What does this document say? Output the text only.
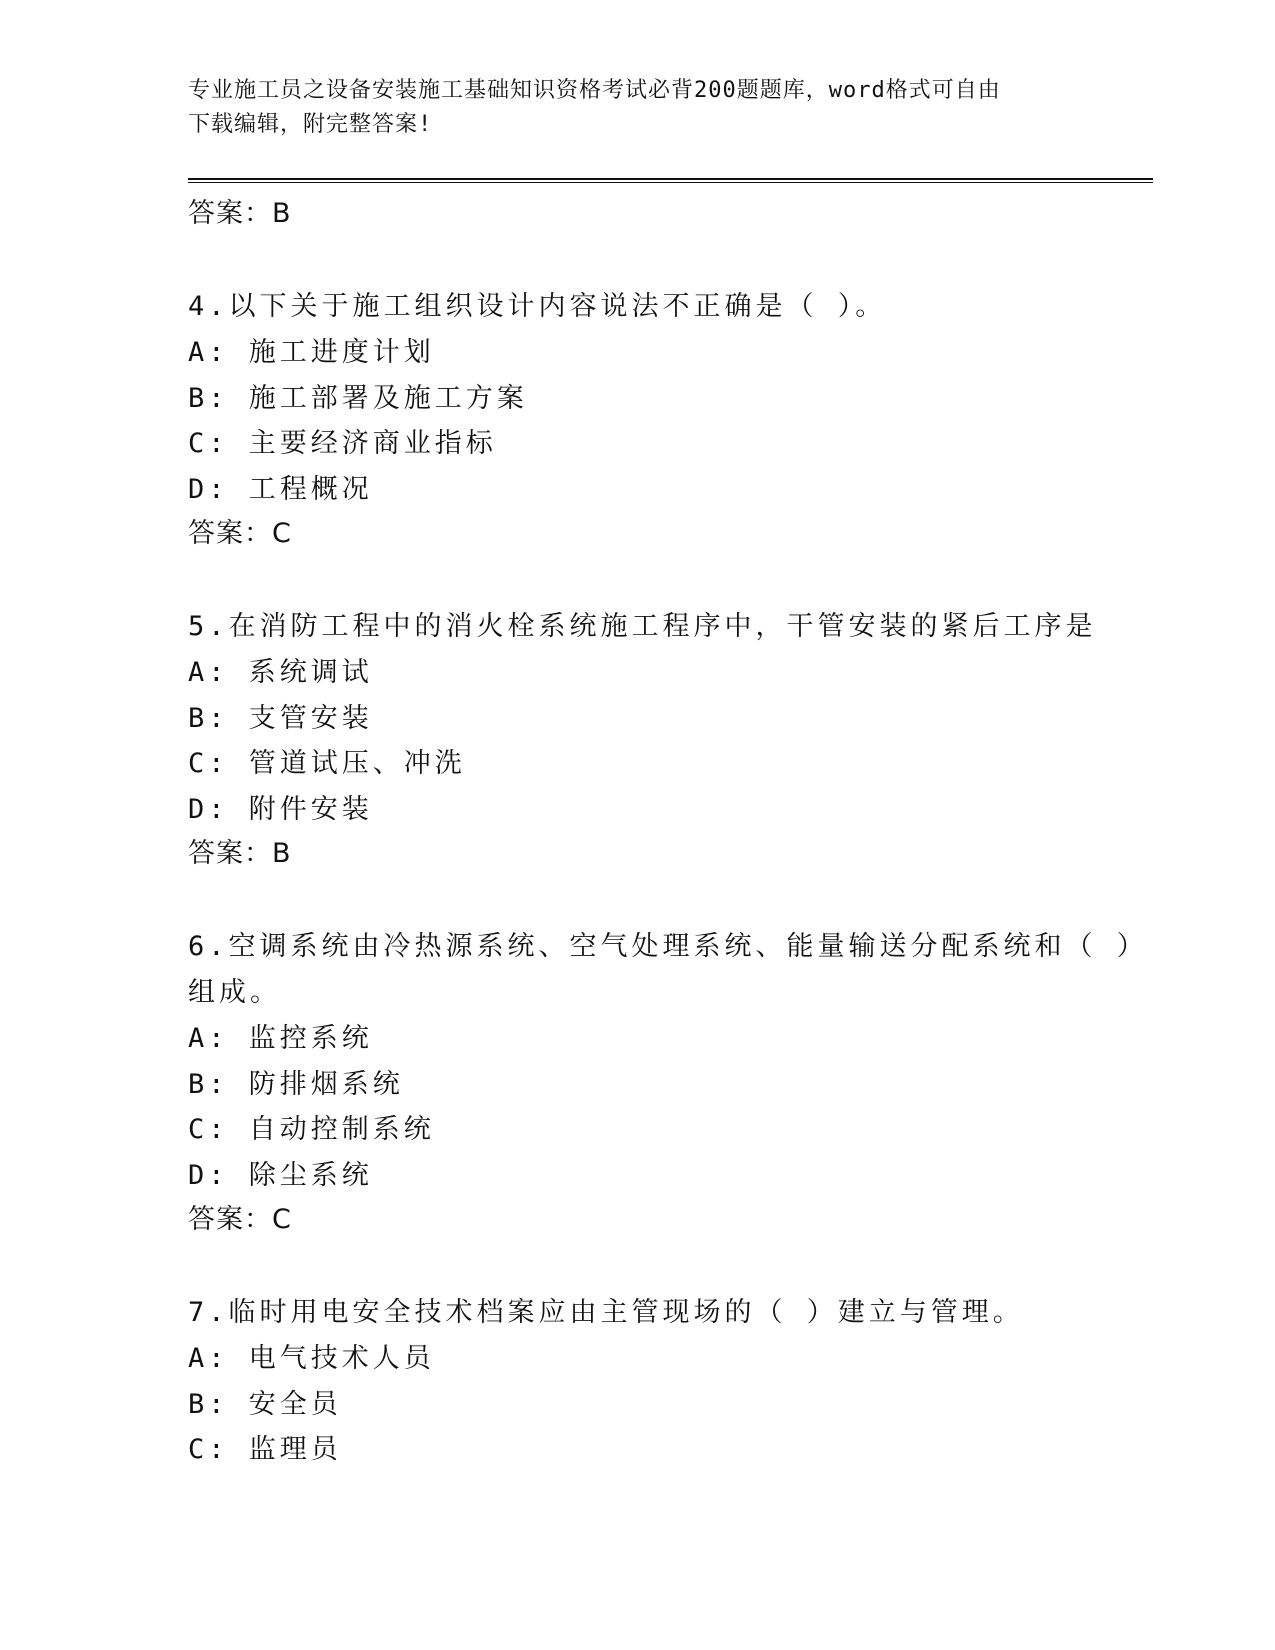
专业施工员之设备安装施工基础知识资格考试必背200题题库，word格式可自由
下载编辑，附完整答案!
答案：B
4.以下关于施工组织设计内容说法不正确是（ ）。
A: 施工进度计划
B: 施工部署及施工方案
C: 主要经济商业指标
D: 工程概况
答案：C
5.在消防工程中的消火栓系统施工程序中，干管安装的紧后工序是
A: 系统调试
B: 支管安装
C: 管道试压、冲洗
D: 附件安装
答案：B
6.空调系统由冷热源系统、空气处理系统、能量输送分配系统和（ ）组成。
A: 监控系统
B: 防排烟系统
C: 自动控制系统
D: 除尘系统
答案：C
7.临时用电安全技术档案应由主管现场的（ ）建立与管理。
A: 电气技术人员
B: 安全员
C: 监理员
